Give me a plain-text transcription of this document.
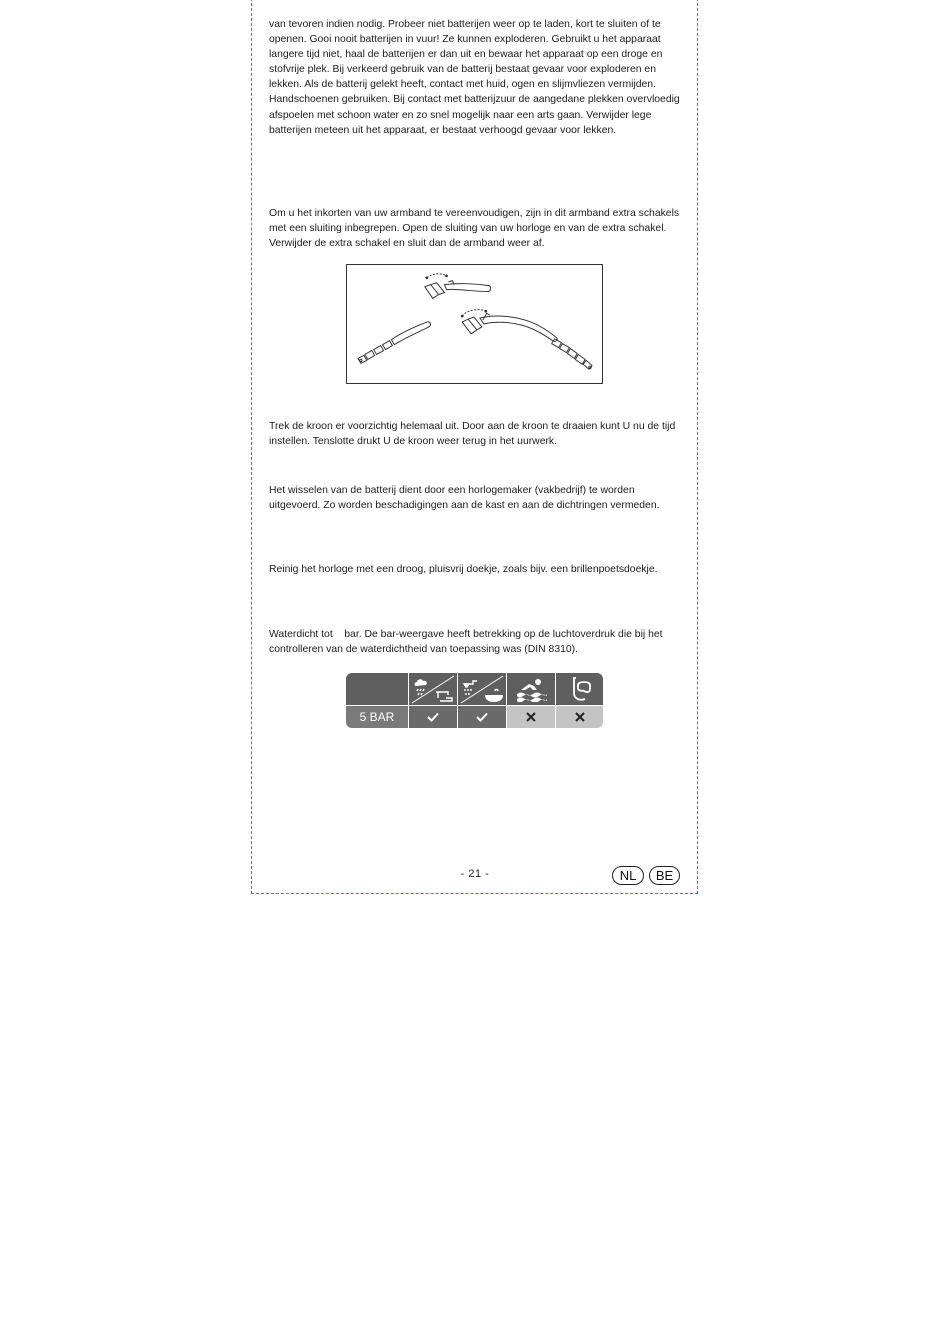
van tevoren indien nodig. Probeer niet batterijen weer op te laden, kort te sluiten of te openen. Gooi nooit batterijen in vuur! Ze kunnen exploderen. Gebruikt u het apparaat langere tijd niet, haal de batterijen er dan uit en bewaar het apparaat op een droge en stofvrije plek. Bij verkeerd gebruik van de batterij bestaat gevaar voor exploderen en lekken. Als de batterij gelekt heeft, contact met huid, ogen en slijmvliezen vermijden. Handschoenen gebruiken. Bij contact met batterijzuur de aangedane plekken overvloedig afspoelen met schoon water en zo snel mogelijk naar een arts gaan. Verwijder lege batterijen meteen uit het apparaat, er bestaat verhoogd gevaar voor lekken.

Om u het inkorten van uw armband te vereenvoudigen, zijn in dit armband extra schakels met een sluiting inbegrepen. Open de sluiting van uw horloge en van de extra schakel. Verwijder de extra schakel en sluit dan de armband weer af.

Trek de kroon er voorzichtig helemaal uit. Door aan de kroon te draaien kunt U nu de tijd instellen. Tenslotte drukt U de kroon weer terug in het uurwerk.

Het wisselen van de batterij dient door een horlogemaker (vakbedrijf) te worden uitgevoerd. Zo worden beschadigingen aan de kast en aan de dichtringen vermeden.

Reinig het horloge met een droog, pluisvrij doekje, zoals bijv. een brillenpoetsdoekje.

Waterdicht tot    bar. De bar-weergave heeft betrekking op de luchtoverdruk die bij het controlleren van de waterdichtheid van toepassing was (DIN 8310).

5 BAR
- 21 -	NL	BE
